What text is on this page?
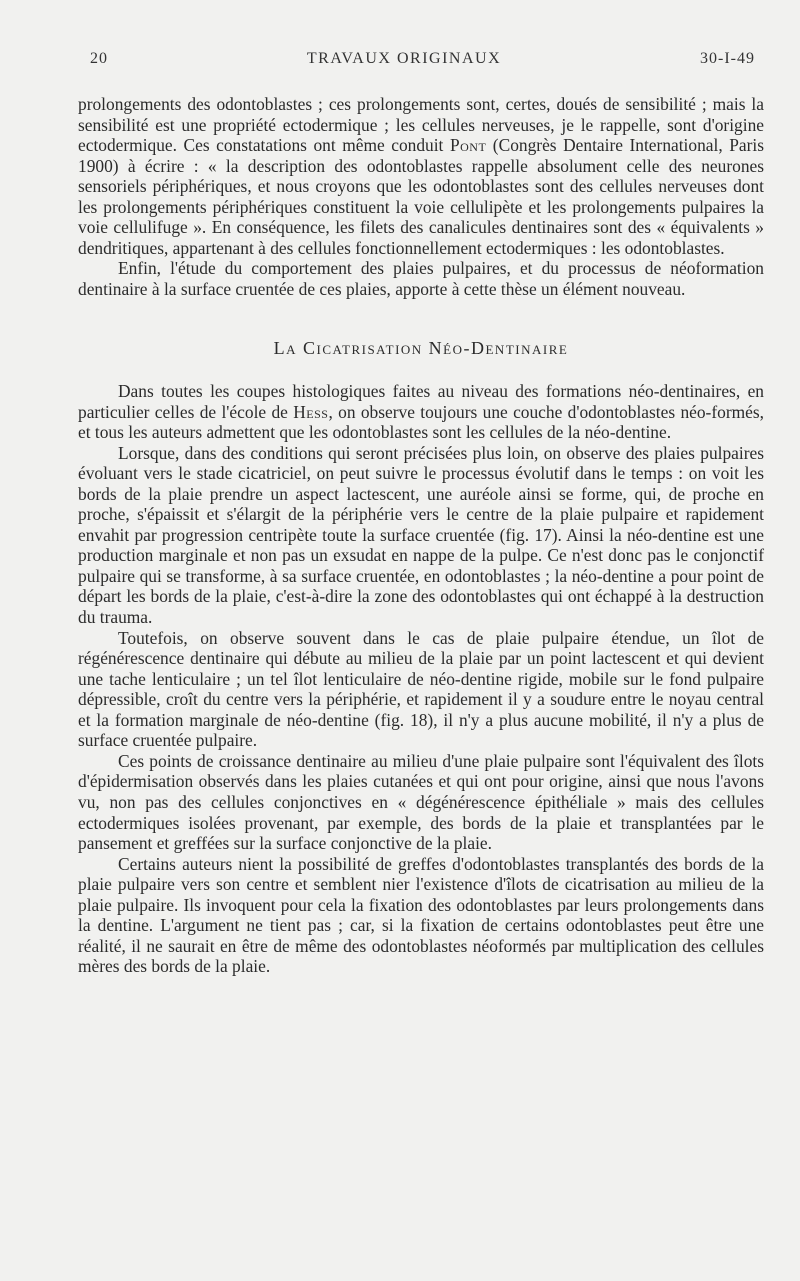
20	TRAVAUX ORIGINAUX	30-I-49

prolongements des odontoblastes ; ces prolongements sont, certes, doués de sensibilité ; mais la sensibilité est une propriété ectodermique ; les cellules nerveuses, je le rappelle, sont d'origine ectodermique. Ces constatations ont même conduit Pont (Congrès Dentaire International, Paris 1900) à écrire : « la description des odontoblastes rappelle absolument celle des neurones sensoriels périphériques, et nous croyons que les odontoblastes sont des cellules nerveuses dont les prolongements périphériques constituent la voie cellulipète et les prolongements pulpaires la voie cellulifuge ». En conséquence, les filets des canalicules dentinaires sont des « équivalents » dendritiques, appartenant à des cellules fonctionnellement ectodermiques : les odontoblastes.

Enfin, l'étude du comportement des plaies pulpaires, et du processus de néoformation dentinaire à la surface cruentée de ces plaies, apporte à cette thèse un élément nouveau.

La Cicatrisation Néo-Dentinaire

Dans toutes les coupes histologiques faites au niveau des formations néo-dentinaires, en particulier celles de l'école de Hess, on observe toujours une couche d'odontoblastes néo-formés, et tous les auteurs admettent que les odontoblastes sont les cellules de la néo-dentine.

Lorsque, dans des conditions qui seront précisées plus loin, on observe des plaies pulpaires évoluant vers le stade cicatriciel, on peut suivre le processus évolutif dans le temps : on voit les bords de la plaie prendre un aspect lactescent, une auréole ainsi se forme, qui, de proche en proche, s'épaissit et s'élargit de la périphérie vers le centre de la plaie pulpaire et rapidement envahit par progression centripète toute la surface cruentée (fig. 17). Ainsi la néo-dentine est une production marginale et non pas un exsudat en nappe de la pulpe. Ce n'est donc pas le conjonctif pulpaire qui se transforme, à sa surface cruentée, en odontoblastes ; la néo-dentine a pour point de départ les bords de la plaie, c'est-à-dire la zone des odontoblastes qui ont échappé à la destruction du trauma.

Toutefois, on observe souvent dans le cas de plaie pulpaire étendue, un îlot de régénérescence dentinaire qui débute au milieu de la plaie par un point lactescent et qui devient une tache lenticulaire ; un tel îlot lenticulaire de néo-dentine rigide, mobile sur le fond pulpaire dépressible, croît du centre vers la périphérie, et rapidement il y a soudure entre le noyau central et la formation marginale de néo-dentine (fig. 18), il n'y a plus aucune mobilité, il n'y a plus de surface cruentée pulpaire.

Ces points de croissance dentinaire au milieu d'une plaie pulpaire sont l'équivalent des îlots d'épidermisation observés dans les plaies cutanées et qui ont pour origine, ainsi que nous l'avons vu, non pas des cellules conjonctives en « dégénérescence épithéliale » mais des cellules ectodermiques isolées provenant, par exemple, des bords de la plaie et transplantées par le pansement et greffées sur la surface conjonctive de la plaie.

Certains auteurs nient la possibilité de greffes d'odontoblastes transplantés des bords de la plaie pulpaire vers son centre et semblent nier l'existence d'îlots de cicatrisation au milieu de la plaie pulpaire. Ils invoquent pour cela la fixation des odontoblastes par leurs prolongements dans la dentine. L'argument ne tient pas ; car, si la fixation de certains odontoblastes peut être une réalité, il ne saurait en être de même des odontoblastes néoformés par multiplication des cellules mères des bords de la plaie.
